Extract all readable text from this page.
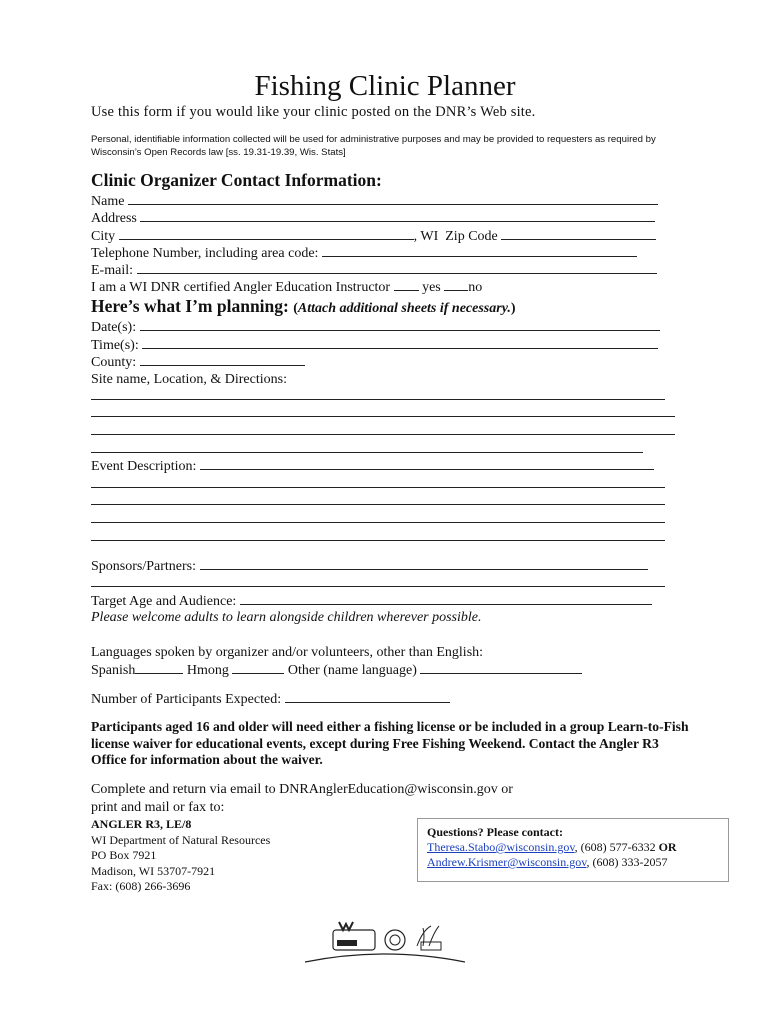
Fishing Clinic Planner
Use this form if you would like your clinic posted on the DNR’s Web site.
Personal, identifiable information collected will be used for administrative purposes and may be provided to requesters as required by Wisconsin’s Open Records law [ss. 19.31-19.39, Wis. Stats]
Clinic Organizer Contact Information:
Name
Address
City	, WI Zip Code
Telephone Number, including area code:
E-mail:
I am a WI DNR certified Angler Education Instructor yes no
Here’s what I’m planning: (Attach additional sheets if necessary.)
Date(s):
Time(s):
County:
Site name, Location, & Directions:
Event Description:
Sponsors/Partners:
Target Age and Audience:
Please welcome adults to learn alongside children wherever possible.
Languages spoken by organizer and/or volunteers, other than English:
Spanish	Hmong	Other (name language)
Number of Participants Expected:
Participants aged 16 and older will need either a fishing license or be included in a group Learn-to-Fish license waiver for educational events, except during Free Fishing Weekend. Contact the Angler R3 Office for information about the waiver.
Complete and return via email to DNRAnglerEducation@wisconsin.gov or
print and mail or fax to:
ANGLER R3, LE/8
WI Department of Natural Resources
PO Box 7921
Madison, WI 53707-7921
Fax: (608) 266-3696
Questions? Please contact:
Theresa.Stabo@wisconsin.gov, (608) 577-6332 OR
Andrew.Krismer@wisconsin.gov, (608) 333-2057
